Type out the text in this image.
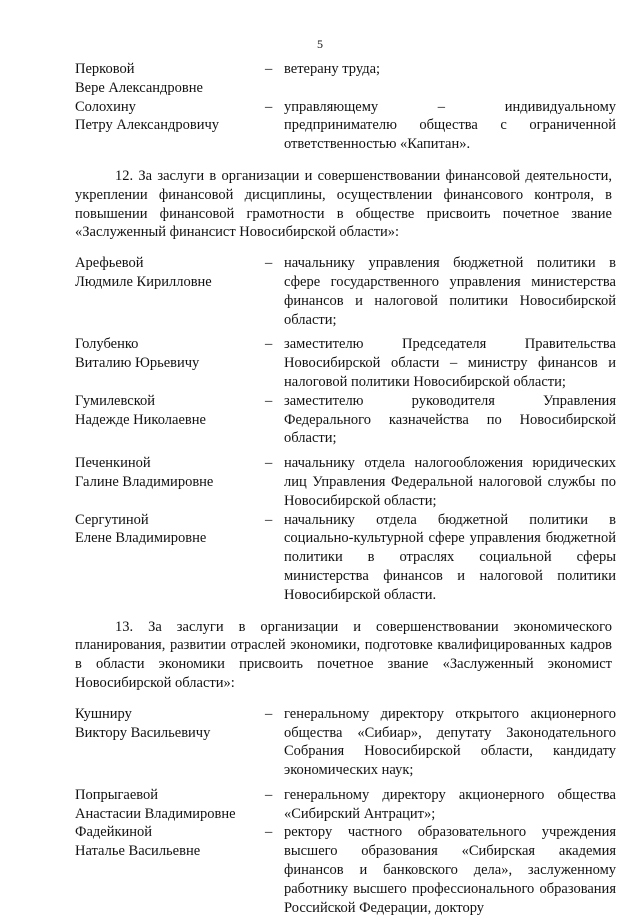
5
Перковой
Вере Александровне
– ветерану труда;
Солохину
Петру Александровичу
– управляющему – индивидуальному предпринимателю общества с ограниченной ответственностью «Капитан».

12. За заслуги в организации и совершенствовании финансовой деятельности, укреплении финансовой дисциплины, осуществлении финансового контроля, в повышении финансовой грамотности в обществе присвоить почетное звание «Заслуженный финансист Новосибирской области»:

Арефьевой
Людмиле Кирилловне
– начальнику управления бюджетной политики в сфере государственного управления министерства финансов и налоговой политики Новосибирской области;
Голубенко
Виталию Юрьевичу
– заместителю Председателя Правительства Новосибирской области – министру финансов и налоговой политики Новосибирской области;
Гумилевской
Надежде Николаевне
– заместителю руководителя Управления Федерального казначейства по Новосибирской области;
Печенкиной
Галине Владимировне
– начальнику отдела налогообложения юридических лиц Управления Федеральной налоговой службы по Новосибирской области;
Сергутиной
Елене Владимировне
– начальнику отдела бюджетной политики в социально-культурной сфере управления бюджетной политики в отраслях социальной сферы министерства финансов и налоговой политики Новосибирской области.

13. За заслуги в организации и совершенствовании экономического планирования, развитии отраслей экономики, подготовке квалифицированных кадров в области экономики присвоить почетное звание «Заслуженный экономист Новосибирской области»:

Кушниру
Виктору Васильевичу
– генеральному директору открытого акционерного общества «Сибиар», депутату Законодательного Собрания Новосибирской области, кандидату экономических наук;
Попрыгаевой
Анастасии Владимировне
– генеральному директору акционерного общества «Сибирский Антрацит»;
Фадейкиной
Наталье Васильевне
– ректору частного образовательного учреждения высшего образования «Сибирская академия финансов и банковского дела», заслуженному работнику высшего профессионального образования Российской Федерации, доктору
